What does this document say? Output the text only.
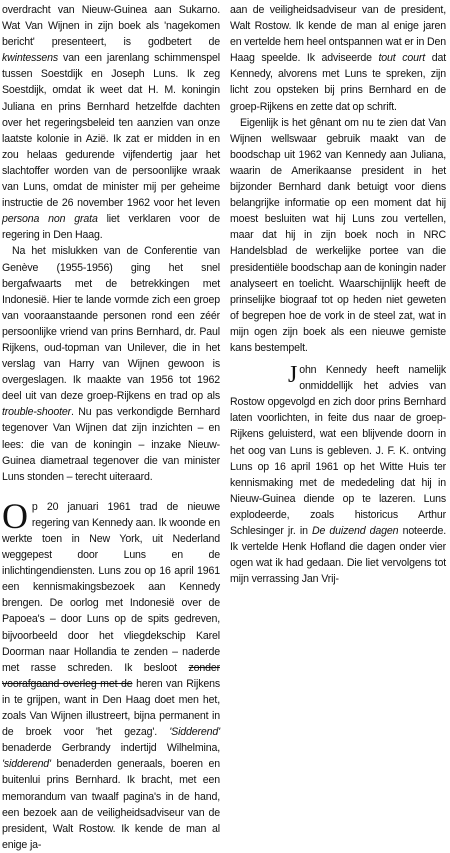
overdracht van Nieuw-Guinea aan Sukarno. Wat Van Wijnen in zijn boek als 'nagekomen bericht' presenteert, is godbetert de kwintessens van een jarenlang schimmenspel tussen Soestdijk en Joseph Luns. Ik zeg Soestdijk, omdat ik weet dat H. M. koningin Juliana en prins Bernhard hetzelfde dachten over het regeringsbeleid ten aanzien van onze laatste kolonie in Azië. Ik zat er midden in en zou helaas gedurende vijfendertig jaar het slachtoffer worden van de persoonlijke wraak van Luns, omdat de minister mij per geheime instructie de 26 november 1962 voor het leven persona non grata liet verklaren voor de regering in Den Haag.

Na het mislukken van de Conferentie van Genève (1955-1956) ging het snel bergafwaarts met de betrekkingen met Indonesië. Hier te lande vormde zich een groep van vooraanstaande personen rond een zéér persoonlijke vriend van prins Bernhard, dr. Paul Rijkens, oud-topman van Unilever, die in het verslag van Harry van Wijnen gewoon is overgeslagen. Ik maakte van 1956 tot 1962 deel uit van deze groep-Rijkens en trad op als trouble-shooter. Nu pas verkondigde Bernhard tegenover Van Wijnen dat zijn inzichten – en lees: die van de koningin – inzake Nieuw-Guinea diametraal tegenover die van minister Luns stonden – terecht uiteraard.

Op 20 januari 1961 trad de nieuwe regering van Kennedy aan. Ik woonde en werkte toen in New York, uit Nederland weggepest door Luns en de inlichtingendiensten. Luns zou op 16 april 1961 een kennismakingsbezoek aan Kennedy brengen. De oorlog met Indonesië over de Papoea's – door Luns op de spits gedreven, bijvoorbeeld door het vliegdekschip Karel Doorman naar Hollandia te zenden – naderde met rasse schreden. Ik besloot zonder voorafgaand overleg met de heren van Rijkens in te grijpen, want in Den Haag doet men het, zoals Van Wijnen illustreert, bijna permanent in de broek voor 'het gezag'. 'Sidderend' benaderde Gerbrandy indertijd Wilhelmina, 'sidderend' benaderden generaals, boeren en buitenlui prins Bernhard. Ik bracht, met een memorandum van twaalf pagina's in de hand, een bezoek aan de veiligheidsadviseur van de president, Walt Rostow. Ik kende de man al enige ja-

aan de veiligheidsadviseur van de president, Walt Rostow. Ik kende de man al enige jaren en vertelde hem heel ontspannen wat er in Den Haag speelde. Ik adviseerde tout court dat Kennedy, alvorens met Luns te spreken, zijn licht zou opsteken bij prins Bernhard en de groep-Rijkens en zette dat op schrift.

Eigenlijk is het gênant om nu te zien dat Van Wijnen wellswaar gebruik maakt van de boodschap uit 1962 van Kennedy aan Juliana, waarin de Amerikaanse president in het bijzonder Bernhard dank betuigt voor diens belangrijke informatie op een moment dat hij moest besluiten wat hij Luns zou vertellen, maar dat hij in zijn boek noch in NRC Handelsblad de werkelijke portee van die presidentiële boodschap aan de koningin nader analyseert en toelicht. Waarschijnlijk heeft de prinselijke biograaf tot op heden niet geweten of begrepen hoe de vork in de steel zat, wat in mijn ogen zijn boek als een nieuwe gemiste kans bestempelt.

John Kennedy heeft namelijk onmiddellijk het advies van Rostow opgevolgd en zich door prins Bernhard laten voorlichten, in feite dus naar de groep-Rijkens geluisterd, wat een blijvende doorn in het oog van Luns is gebleven. J. F. K. ontving Luns op 16 april 1961 op het Witte Huis ter kennismaking met de mededeling dat hij in Nieuw-Guinea diende op te lazeren. Luns explodeerde, zoals historicus Arthur Schlesinger jr. in De duizend dagen noteerde. Ik vertelde Henk Hofland die dagen onder vier ogen wat ik had gedaan. Die liet vervolgens tot mijn verrassing Jan Vrij-
